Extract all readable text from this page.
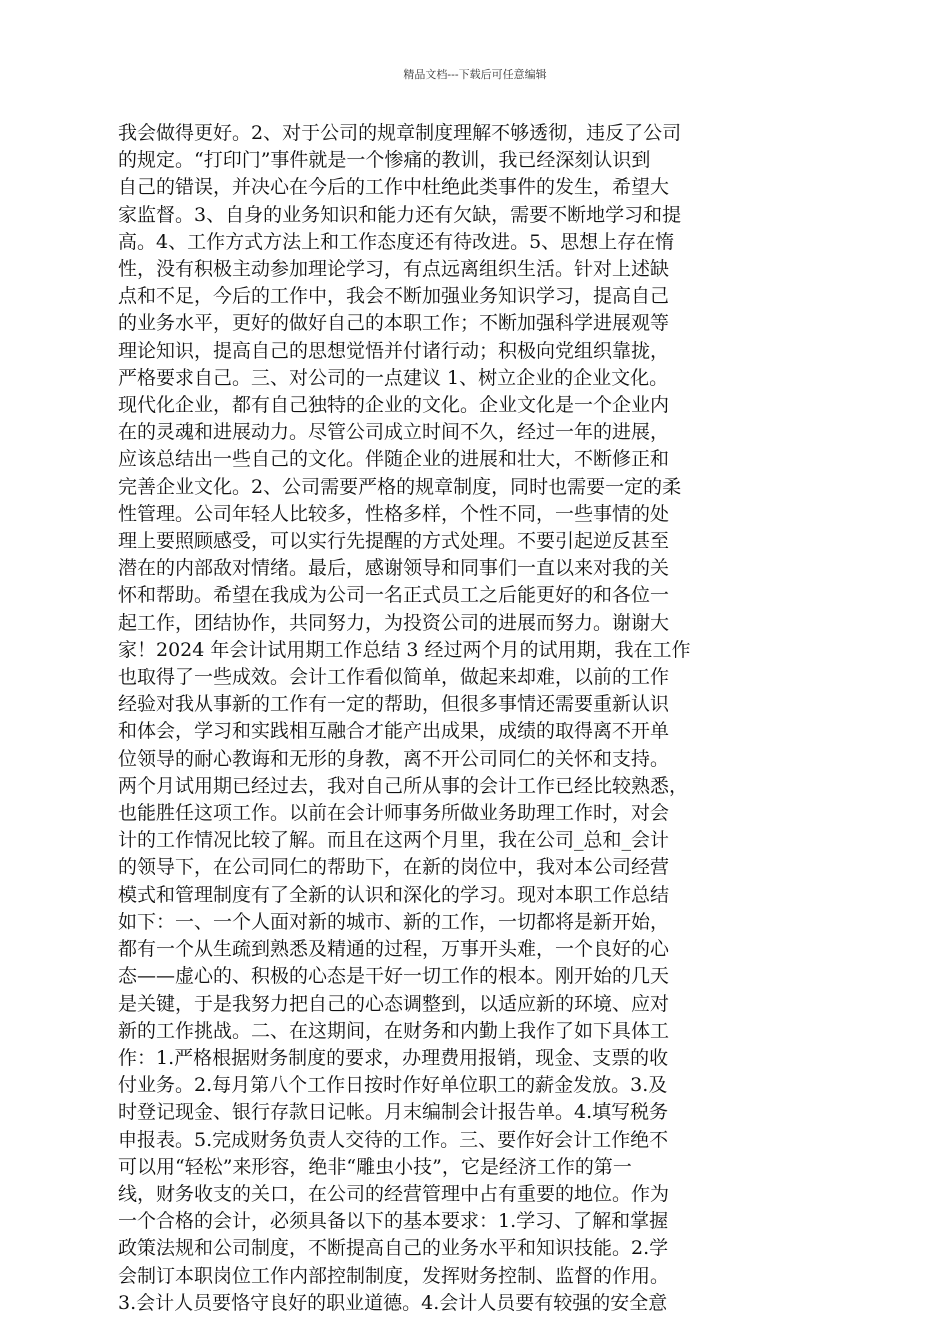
精品文档---下载后可任意编辑
我会做得更好。2、对于公司的规章制度理解不够透彻，违反了公司
的规定。“打印门”事件就是一个惨痛的教训，我已经深刻认识到
自己的错误，并决心在今后的工作中杜绝此类事件的发生，希望大
家监督。3、自身的业务知识和能力还有欠缺，需要不断地学习和提
高。4、工作方式方法上和工作态度还有待改进。5、思想上存在惰
性，没有积极主动参加理论学习，有点远离组织生活。针对上述缺
点和不足，今后的工作中，我会不断加强业务知识学习，提高自己
的业务水平，更好的做好自己的本职工作；不断加强科学进展观等
理论知识，提高自己的思想觉悟并付诸行动；积极向党组织靠拢，
严格要求自己。三、对公司的一点建议 1、树立企业的企业文化。
现代化企业，都有自己独特的企业的文化。企业文化是一个企业内
在的灵魂和进展动力。尽管公司成立时间不久，经过一年的进展，
应该总结出一些自己的文化。伴随企业的进展和壮大，不断修正和
完善企业文化。2、公司需要严格的规章制度，同时也需要一定的柔
性管理。公司年轻人比较多，性格多样，个性不同，一些事情的处
理上要照顾感受，可以实行先提醒的方式处理。不要引起逆反甚至
潜在的内部敌对情绪。最后，感谢领导和同事们一直以来对我的关
怀和帮助。希望在我成为公司一名正式员工之后能更好的和各位一
起工作，团结协作，共同努力，为投资公司的进展而努力。谢谢大
家！2024 年会计试用期工作总结 3 经过两个月的试用期，我在工作
也取得了一些成效。会计工作看似简单，做起来却难，以前的工作
经验对我从事新的工作有一定的帮助，但很多事情还需要重新认识
和体会，学习和实践相互融合才能产出成果，成绩的取得离不开单
位领导的耐心教诲和无形的身教，离不开公司同仁的关怀和支持。
两个月试用期已经过去，我对自己所从事的会计工作已经比较熟悉，
也能胜任这项工作。以前在会计师事务所做业务助理工作时，对会
计的工作情况比较了解。而且在这两个月里，我在公司_总和_会计
的领导下，在公司同仁的帮助下，在新的岗位中，我对本公司经营
模式和管理制度有了全新的认识和深化的学习。现对本职工作总结
如下：一、一个人面对新的城市、新的工作，一切都将是新开始，
都有一个从生疏到熟悉及精通的过程，万事开头难，一个良好的心
态——虚心的、积极的心态是干好一切工作的根本。刚开始的几天
是关键，于是我努力把自己的心态调整到，以适应新的环境、应对
新的工作挑战。二、在这期间，在财务和内勤上我作了如下具体工
作：1.严格根据财务制度的要求，办理费用报销，现金、支票的收
付业务。2.每月第八个工作日按时作好单位职工的薪金发放。3.及
时登记现金、银行存款日记帐。月末编制会计报告单。4.填写税务
申报表。5.完成财务负责人交待的工作。三、要作好会计工作绝不
可以用“轻松”来形容，绝非“雕虫小技”，它是经济工作的第一
线，财务收支的关口，在公司的经营管理中占有重要的地位。作为
一个合格的会计，必须具备以下的基本要求：1.学习、了解和掌握
政策法规和公司制度，不断提高自己的业务水平和知识技能。2.学
会制订本职岗位工作内部控制制度，发挥财务控制、监督的作用。
3.会计人员要恪守良好的职业道德。4.会计人员要有较强的安全意
